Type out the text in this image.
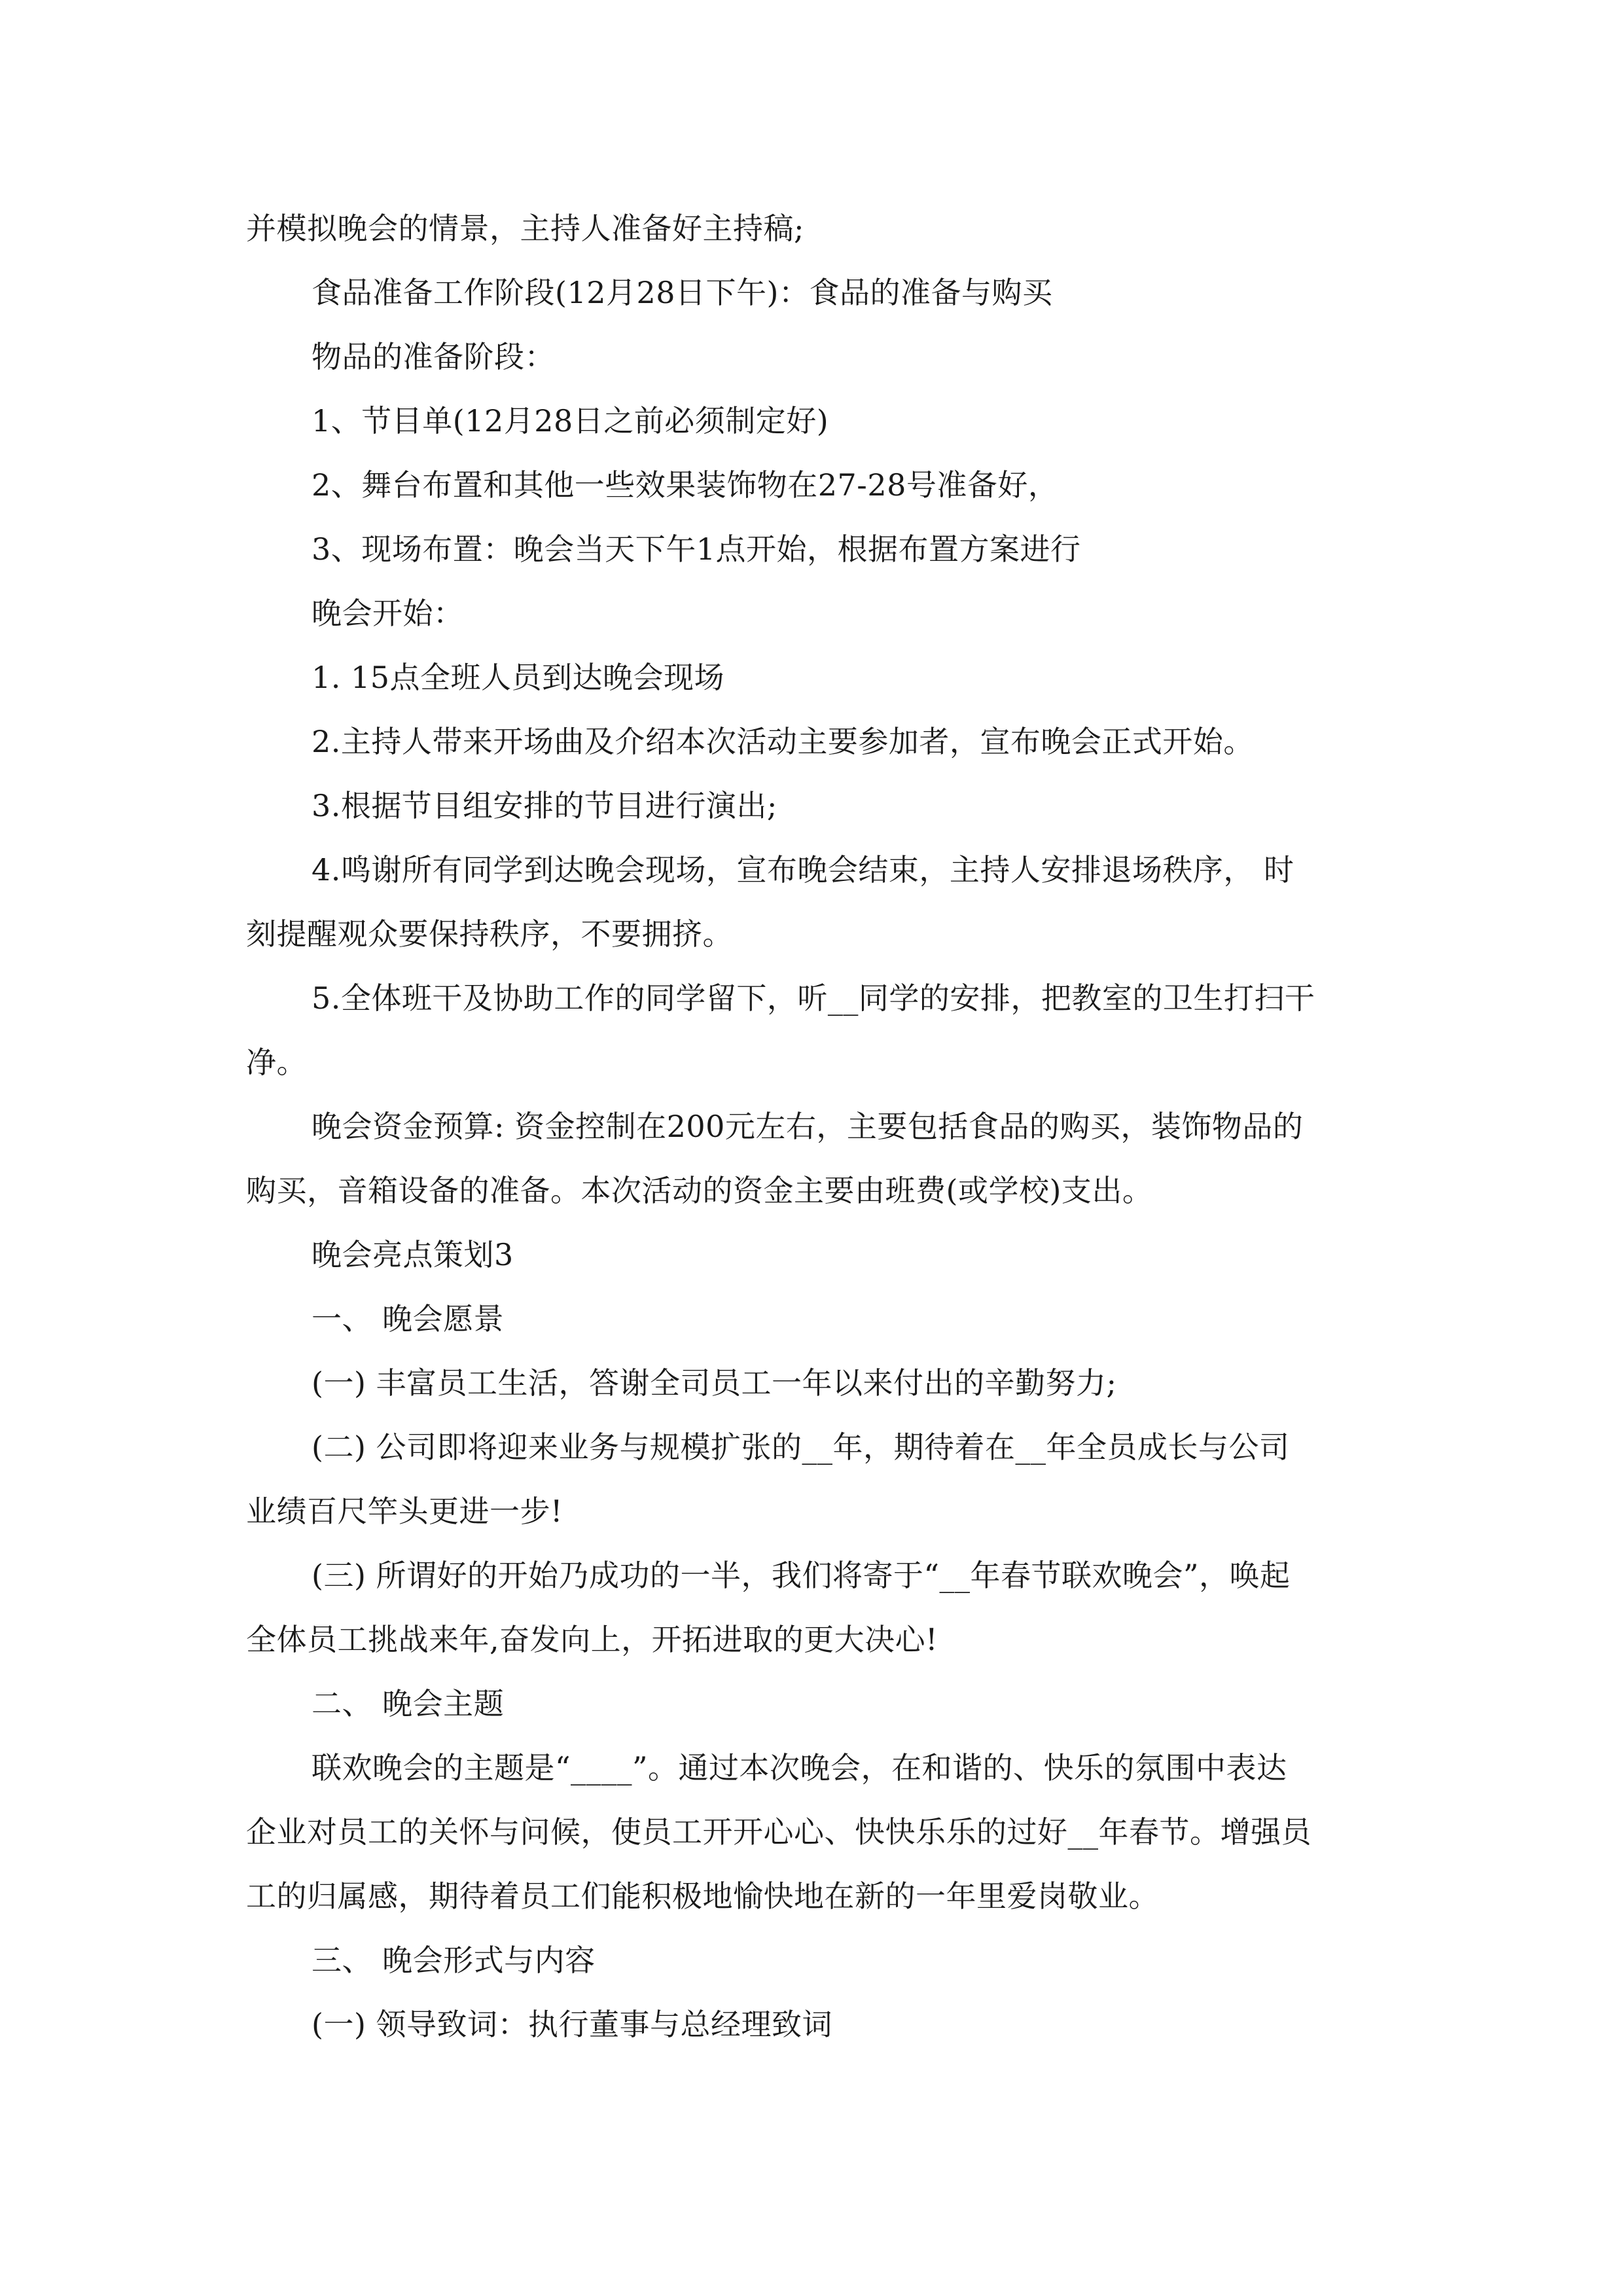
并模拟晚会的情景，主持人准备好主持稿;
食品准备工作阶段(12月28日下午)：食品的准备与购买
物品的准备阶段：
1、节目单(12月28日之前必须制定好)
2、舞台布置和其他一些效果装饰物在27-28号准备好，
3、现场布置：晚会当天下午1点开始，根据布置方案进行
晚会开始：
1. 15点全班人员到达晚会现场
2.主持人带来开场曲及介绍本次活动主要参加者，宣布晚会正式开始。
3.根据节目组安排的节目进行演出;
4.鸣谢所有同学到达晚会现场，宣布晚会结束，主持人安排退场秩序， 时
刻提醒观众要保持秩序，不要拥挤。
5.全体班干及协助工作的同学留下，听__同学的安排，把教室的卫生打扫干
净。
晚会资金预算: 资金控制在200元左右，主要包括食品的购买，装饰物品的
购买，音箱设备的准备。本次活动的资金主要由班费(或学校)支出。
晚会亮点策划3
一、 晚会愿景
(一) 丰富员工生活，答谢全司员工一年以来付出的辛勤努力;
(二) 公司即将迎来业务与规模扩张的__年，期待着在__年全员成长与公司
业绩百尺竿头更进一步!
(三) 所谓好的开始乃成功的一半，我们将寄于“__年春节联欢晚会”，唤起
全体员工挑战来年,奋发向上，开拓进取的更大决心!
二、 晚会主题
联欢晚会的主题是“____”。通过本次晚会，在和谐的、快乐的氛围中表达
企业对员工的关怀与问候，使员工开开心心、快快乐乐的过好__年春节。增强员
工的归属感，期待着员工们能积极地愉快地在新的一年里爱岗敬业。
三、 晚会形式与内容
(一) 领导致词：执行董事与总经理致词
